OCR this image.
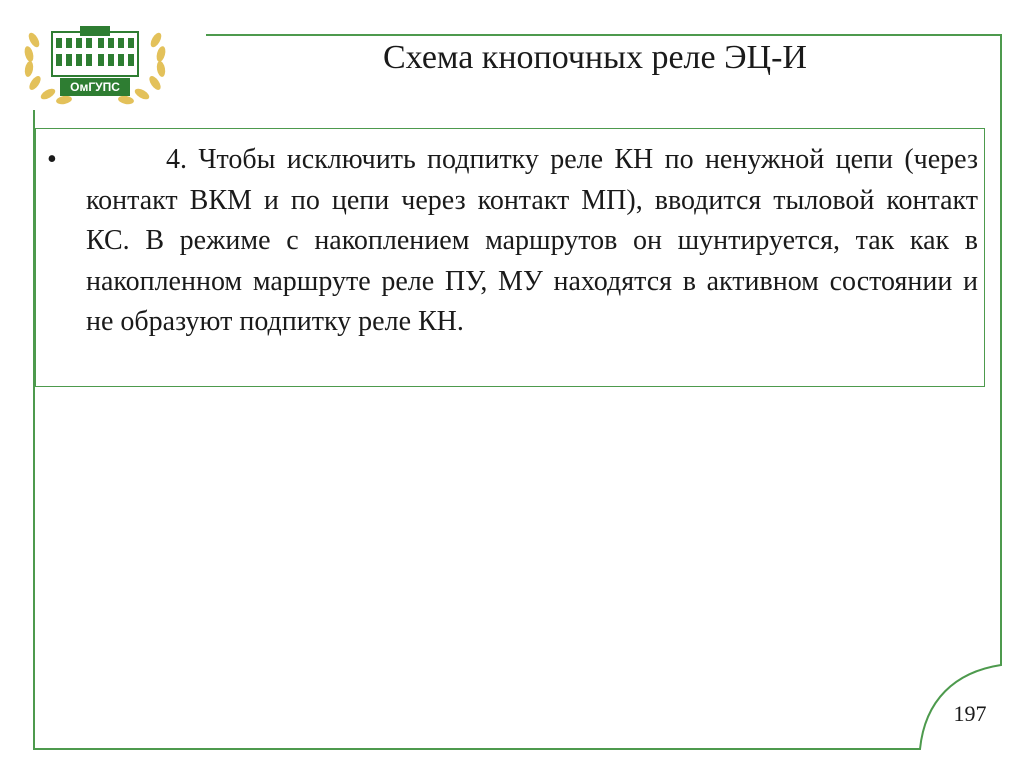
ОмГУПС
Схема кнопочных реле ЭЦ-И
•	4. Чтобы исключить подпитку реле КН по ненужной цепи (через контакт ВКМ и по цепи через контакт МП), вводится тыловой контакт КС. В режиме с накоплением маршрутов он шунтируется, так как в накопленном маршруте реле ПУ, МУ находятся в активном состоянии и не образуют подпитку реле КН.
197
